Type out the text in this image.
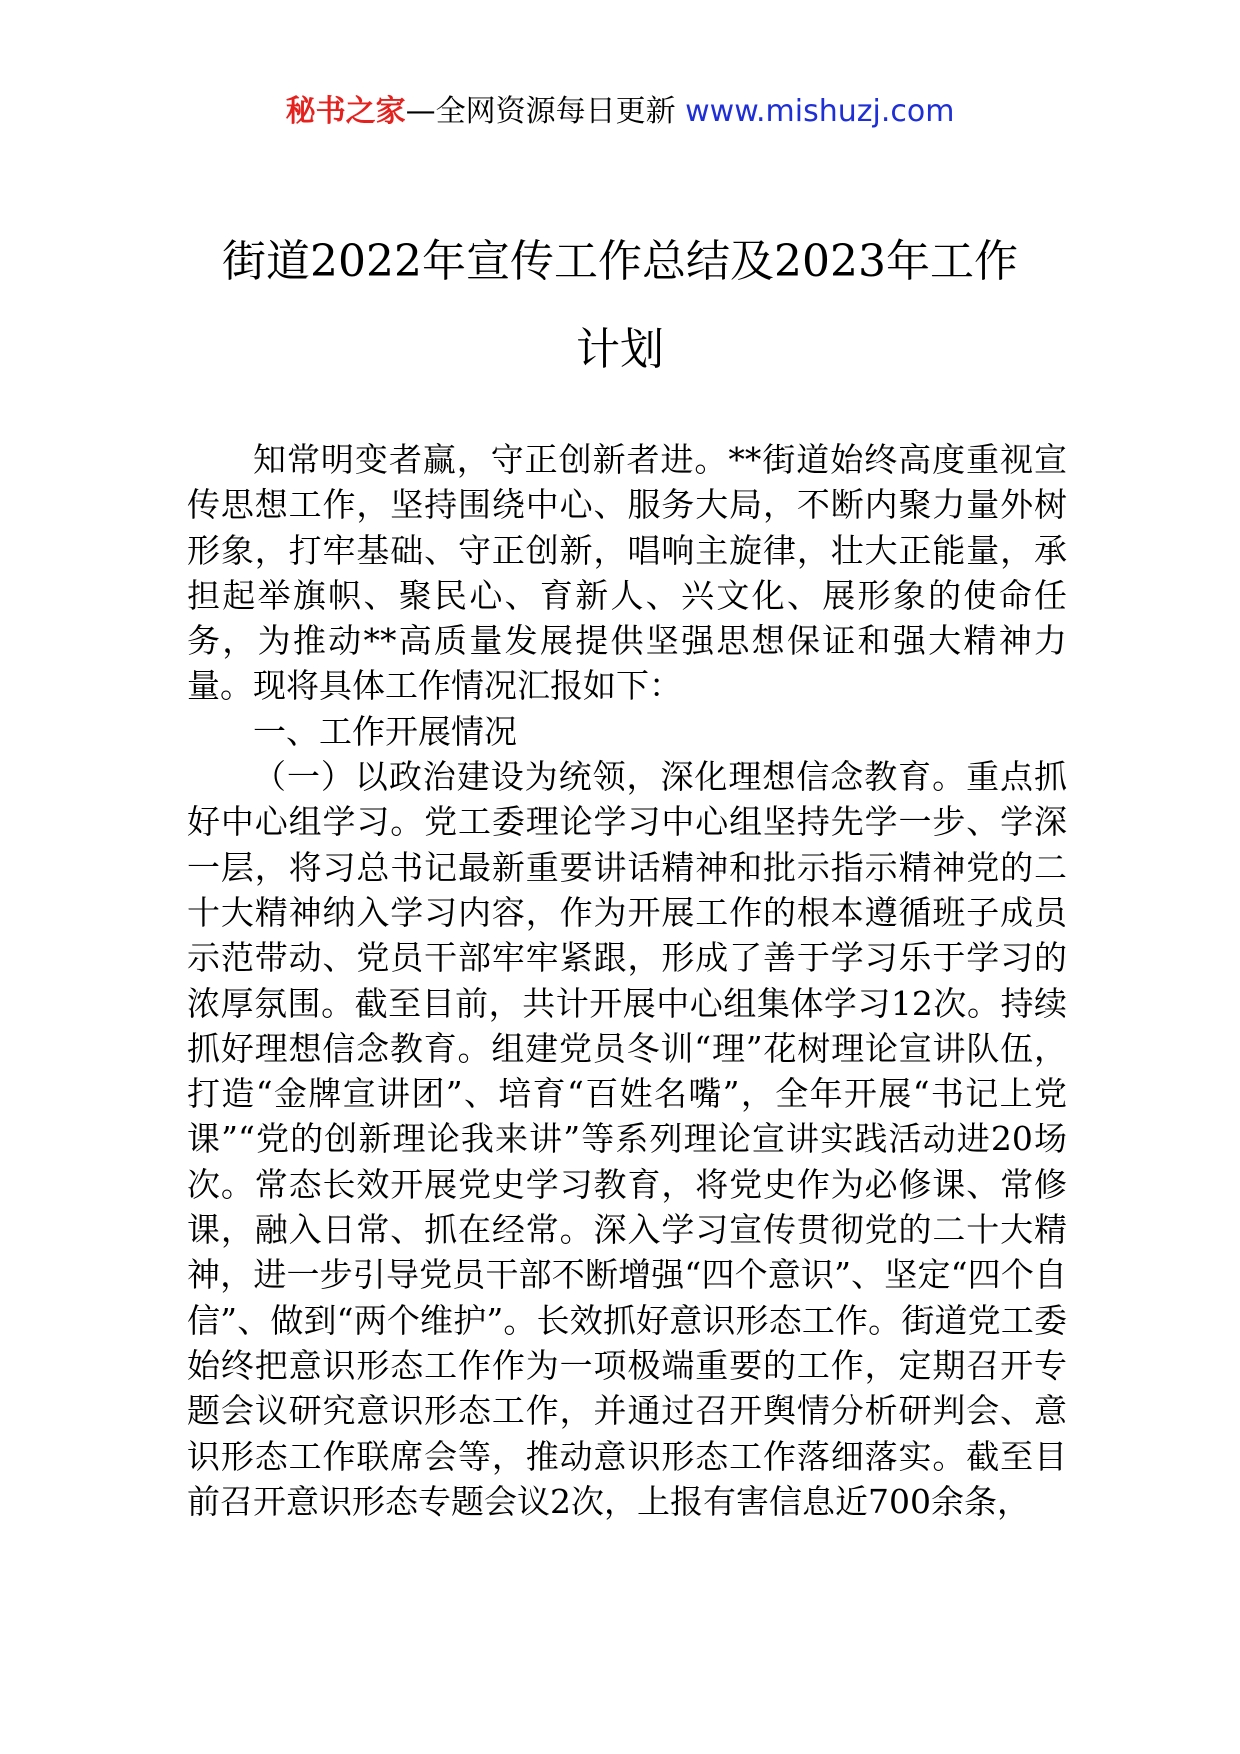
秘书之家—全网资源每日更新 www.mishuzj.com
街道2022年宣传工作总结及2023年工作
计划

知常明变者赢，守正创新者进。**街道始终高度重视宣传思想工作，坚持围绕中心、服务大局，不断内聚力量外树形象，打牢基础、守正创新，唱响主旋律，壮大正能量，承担起举旗帜、聚民心、育新人、兴文化、展形象的使命任务，为推动**高质量发展提供坚强思想保证和强大精神力量。现将具体工作情况汇报如下：

一、工作开展情况

（一）以政治建设为统领，深化理想信念教育。重点抓好中心组学习。党工委理论学习中心组坚持先学一步、学深一层，将习总书记最新重要讲话精神和批示指示精神党的二十大精神纳入学习内容，作为开展工作的根本遵循班子成员示范带动、党员干部牢牢紧跟，形成了善于学习乐于学习的浓厚氛围。截至目前，共计开展中心组集体学习12次。持续抓好理想信念教育。组建党员冬训“理”花树理论宣讲队伍，打造“金牌宣讲团”、培育“百姓名嘴”，全年开展“书记上党课”“党的创新理论我来讲”等系列理论宣讲实践活动进20场次。常态长效开展党史学习教育，将党史作为必修课、常修课，融入日常、抓在经常。深入学习宣传贯彻党的二十大精神，进一步引导党员干部不断增强“四个意识”、坚定“四个自信”、做到“两个维护”。长效抓好意识形态工作。街道党工委始终把意识形态工作作为一项极端重要的工作，定期召开专题会议研究意识形态工作，并通过召开舆情分析研判会、意识形态工作联席会等，推动意识形态工作落细落实。截至目前召开意识形态专题会议2次，上报有害信息近700余条，
